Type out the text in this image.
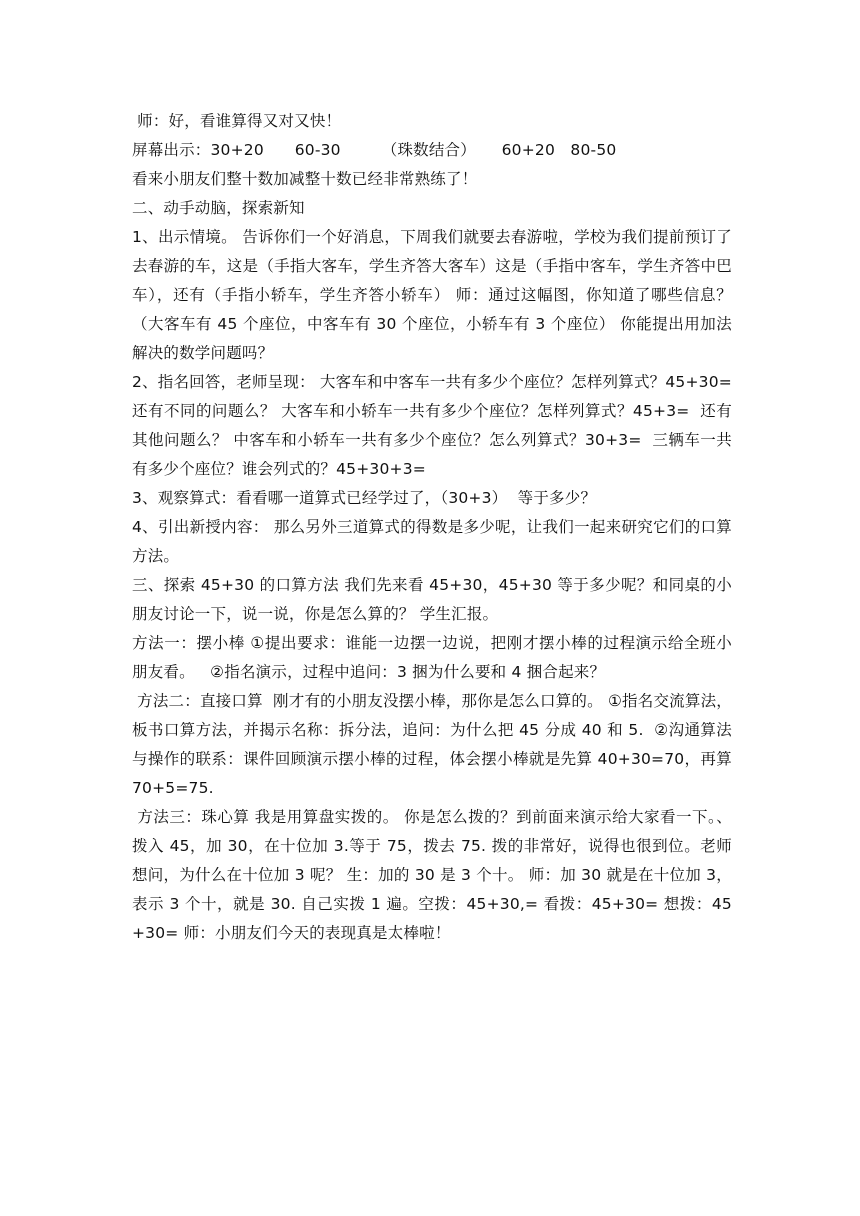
师：好，看谁算得又对又快！

屏幕出示：30+20      60-30        （珠数结合）     60+20   80-50

看来小朋友们整十数加减整十数已经非常熟练了！

二、动手动脑，探索新知

1、出示情境。 告诉你们一个好消息，下周我们就要去春游啦，学校为我们提前预订了去春游的车，这是（手指大客车，学生齐答大客车）这是（手指中客车，学生齐答中巴车），还有（手指小轿车，学生齐答小轿车） 师：通过这幅图，你知道了哪些信息？（大客车有 45 个座位，中客车有 30 个座位，小轿车有 3 个座位） 你能提出用加法解决的数学问题吗？

2、指名回答，老师呈现： 大客车和中客车一共有多少个座位？怎样列算式？45+30=  还有不同的问题么？ 大客车和小轿车一共有多少个座位？怎样列算式？45+3=  还有其他问题么？ 中客车和小轿车一共有多少个座位？怎么列算式？30+3=  三辆车一共有多少个座位？谁会列式的？45+30+3=

3、观察算式：看看哪一道算式已经学过了，（30+3）  等于多少？

4、引出新授内容： 那么另外三道算式的得数是多少呢，让我们一起来研究它们的口算方法。

三、探索 45+30 的口算方法 我们先来看 45+30，45+30 等于多少呢？和同桌的小朋友讨论一下，说一说，你是怎么算的？ 学生汇报。

方法一：摆小棒 ①提出要求：谁能一边摆一边说，把刚才摆小棒的过程演示给全班小朋友看。   ②指名演示，过程中追问：3 捆为什么要和 4 捆合起来？

方法二：直接口算  刚才有的小朋友没摆小棒，那你是怎么口算的。 ①指名交流算法，板书口算方法，并揭示名称：拆分法，追问：为什么把 45 分成 40 和 5.  ②沟通算法与操作的联系：课件回顾演示摆小棒的过程，体会摆小棒就是先算 40+30=70，再算 70+5=75.

方法三：珠心算 我是用算盘实拨的。 你是怎么拨的？到前面来演示给大家看一下。、 拨入 45，加 30，在十位加 3.等于 75，拨去 75. 拨的非常好，说得也很到位。老师想问，为什么在十位加 3 呢？ 生：加的 30 是 3 个十。 师：加 30 就是在十位加 3，表示 3 个十，就是 30. 自己实拨 1 遍。空拨：45+30,= 看拨：45+30= 想拨：45+30= 师：小朋友们今天的表现真是太棒啦！
